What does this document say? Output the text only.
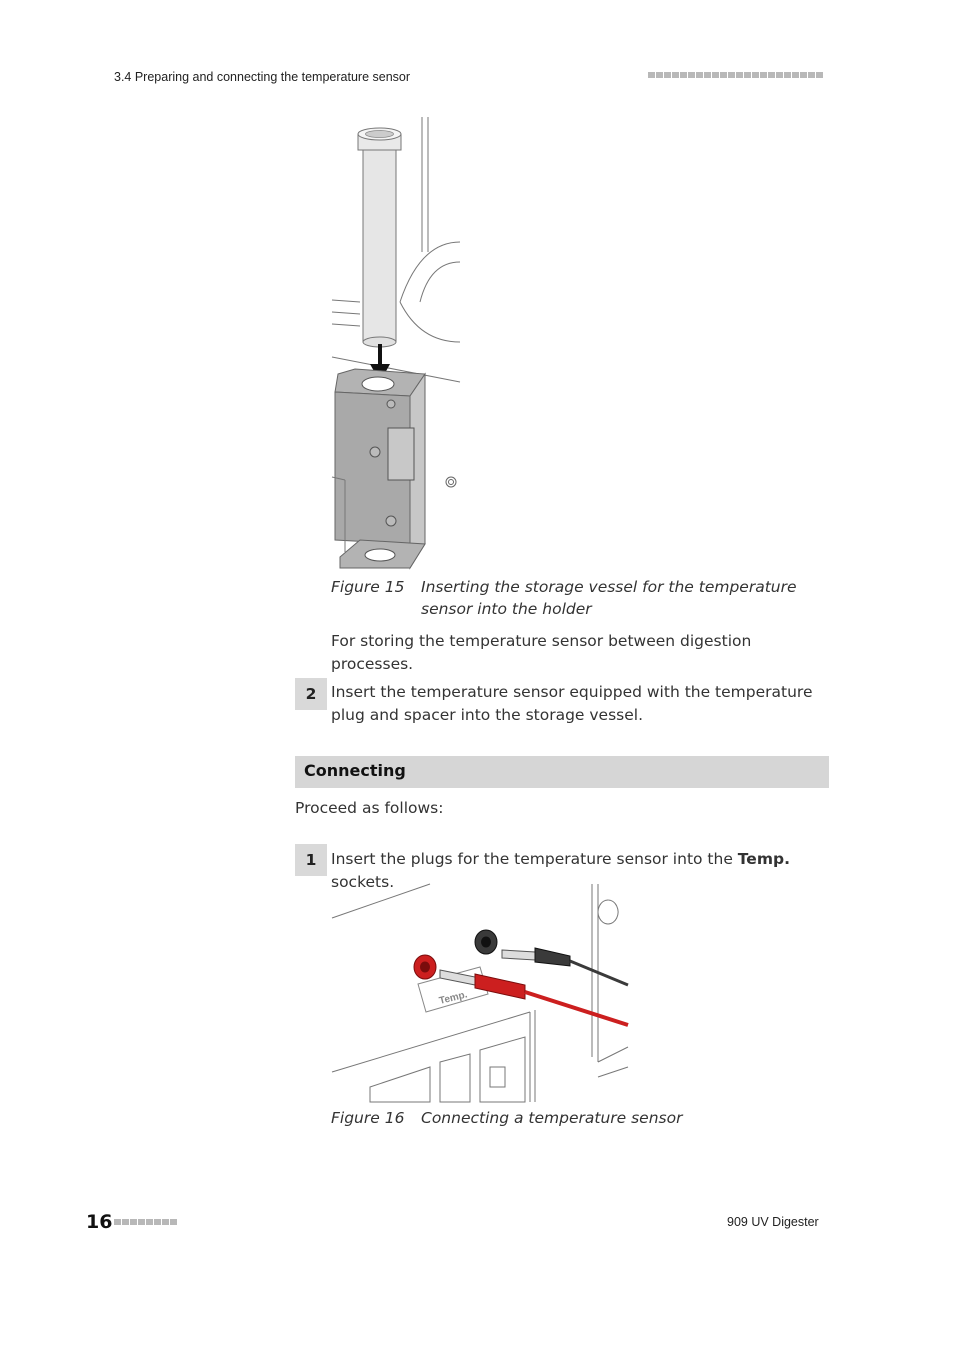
3.4 Preparing and connecting the temperature sensor
Figure 15 Inserting the storage vessel for the temperature sensor into the holder
For storing the temperature sensor between digestion processes.
2 Insert the temperature sensor equipped with the temperature plug and spacer into the storage vessel.
Connecting
Proceed as follows:
1 Insert the plugs for the temperature sensor into the Temp. sockets.
Temp.
Figure 16 Connecting a temperature sensor
16	909 UV Digester
